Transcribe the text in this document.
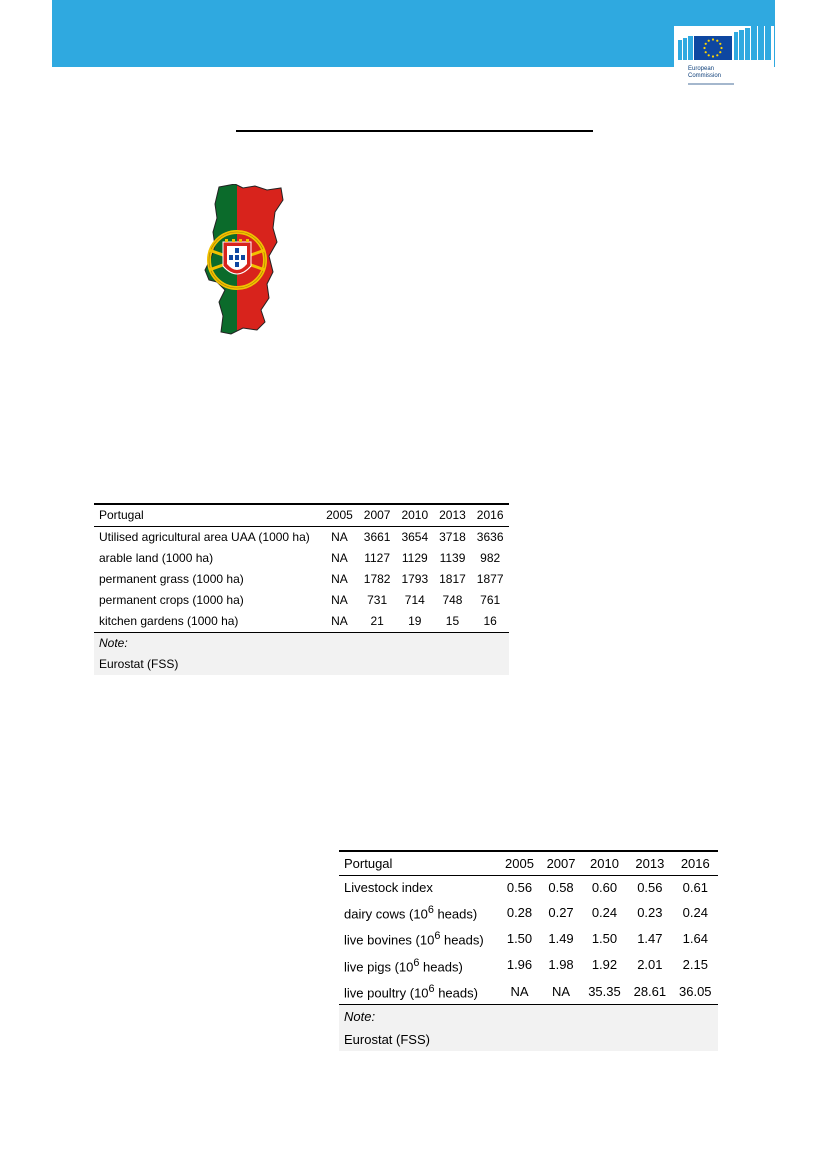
European
Commission
Portugal	2005	2007	2010	2013	2016
Utilised agricultural area UAA (1000 ha)	NA	3661	3654	3718	3636
arable land (1000 ha)	NA	1127	1129	1139	982
permanent grass (1000 ha)	NA	1782	1793	1817	1877
permanent crops (1000 ha)	NA	731	714	748	761
kitchen gardens (1000 ha)	NA	21	19	15	16
Note:					
Eurostat (FSS)					
Portugal	2005	2007	2010	2013	2016
Livestock index	0.56	0.58	0.60	0.56	0.61
dairy cows ($10^6$ heads)	0.28	0.27	0.24	0.23	0.24
live bovines ($10^6$ heads)	1.50	1.49	1.50	1.47	1.64
live pigs ($10^6$ heads)	1.96	1.98	1.92	2.01	2.15
live poultry ($10^6$ heads)	NA	NA	35.35	28.61	36.05
Note:					
Eurostat (FSS)					
